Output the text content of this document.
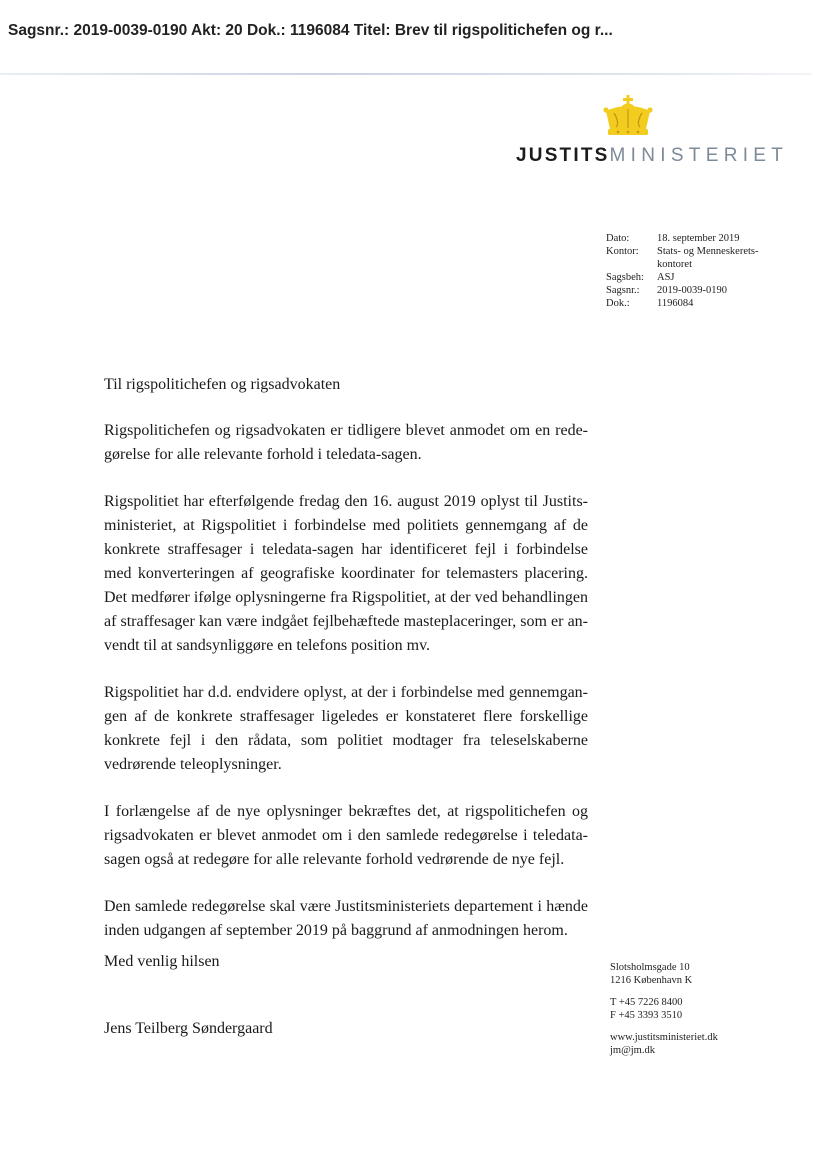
Sagsnr.: 2019-0039-0190 Akt: 20 Dok.: 1196084 Titel: Brev til rigspolitichefen og r...
JUSTITSMINISTERIET
Dato:	18. september 2019
Kontor:	Stats- og Menneskerets-kontoret
Sagsbeh:	ASJ
Sagsnr.:	2019-0039-0190
Dok.:	1196084

Til rigspolitichefen og rigsadvokaten

Rigspolitichefen og rigsadvokaten er tidligere blevet anmodet om en redegørelse for alle relevante forhold i teledata-sagen.

Rigspolitiet har efterfølgende fredag den 16. august 2019 oplyst til Justitsministeriet, at Rigspolitiet i forbindelse med politiets gennemgang af de konkrete straffesager i teledata-sagen har identificeret fejl i forbindelse med konverteringen af geografiske koordinater for telemasters placering. Det medfører ifølge oplysningerne fra Rigspolitiet, at der ved behandlingen af straffesager kan være indgået fejlbehæftede masteplaceringer, som er anvendt til at sandsynliggøre en telefons position mv.

Rigspolitiet har d.d. endvidere oplyst, at der i forbindelse med gennemgangen af de konkrete straffesager ligeledes er konstateret flere forskellige konkrete fejl i den rådata, som politiet modtager fra teleselskaberne vedrørende teleoplysninger.

I forlængelse af de nye oplysninger bekræftes det, at rigspolitichefen og rigsadvokaten er blevet anmodet om i den samlede redegørelse i teledatasagen også at redegøre for alle relevante forhold vedrørende de nye fejl.

Den samlede redegørelse skal være Justitsministeriets departement i hænde inden udgangen af september 2019 på baggrund af anmodningen herom.

Med venlig hilsen
Jens Teilberg Søndergaard
Slotsholmsgade 10
1216 København K
T +45 7226 8400
F +45 3393 3510
www.justitsministeriet.dk
jm@jm.dk
